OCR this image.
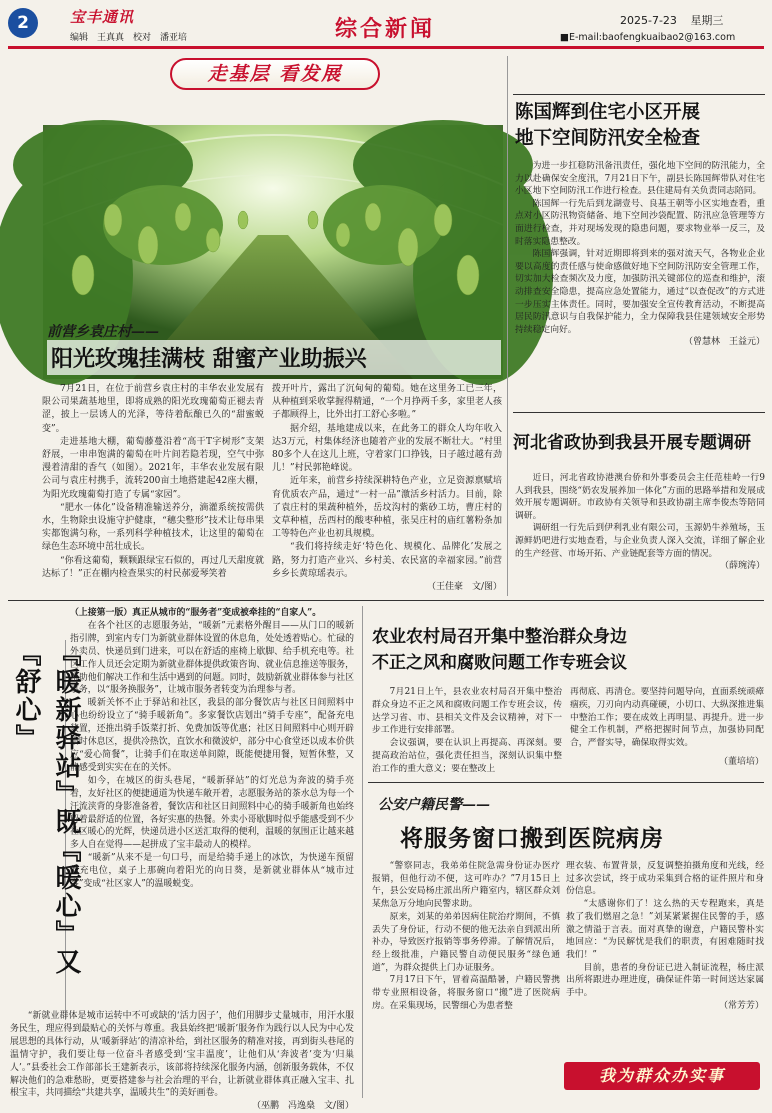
2	宝丰通讯
编辑　王真真　校对　潘亚培	综合新闻	2025-7-23 星期三
■E-mail:baofengkuaibao2@163.com
走基层 看发展
前营乡袁庄村——
阳光玫瑰挂满枝 甜蜜产业助振兴

7月21日，在位于前营乡袁庄村的丰华农业发展有限公司果蔬基地里，即将成熟的阳光玫瑰葡萄正褪去青涩，披上一层诱人的光泽，等待着酝酿已久的“甜蜜蜕变”。

走进基地大棚，葡萄藤蔓沿着“高干T字树形”支架舒展，一串串饱满的葡萄在叶片间若隐若现，空气中弥漫着清甜的香气（如图）。2021年，丰华农业发展有限公司与袁庄村携手，流转200亩土地搭建起42座大棚，为阳光玫瑰葡萄打造了专属“家园”。

“肥水一体化”设备精准输送养分，滴灌系统按需供水，生物除虫设施守护健康，“穗尖整形”技术让每串果实都饱满匀称，一系列科学种植技术，让这里的葡萄在绿色生态环境中茁壮成长。

“你看这葡萄，颗颗跟绿宝石似的，再过几天甜度就达标了！”正在棚内检查果实的村民郝爱琴笑着

拨开叶片，露出了沉甸甸的葡萄。她在这里务工已三年，从种植到采收掌握得精通，“一个月挣两千多，家里老人孩子都顾得上，比外出打工舒心多啦。”

据介绍，基地建成以来，在此务工的群众人均年收入达3万元，村集体经济也随着产业的发展不断壮大。“村里80多个人在这儿上班，守着家门口挣钱，日子越过越有劲儿！”村民郭艳峰说。

近年来，前营乡持续深耕特色产业，立足资源禀赋培育优质农产品，通过“一村一品”激活乡村活力。目前，除了袁庄村的果蔬种植外，岳坟沟村的紫砂工坊，曹庄村的文草种植，岳西村的酸枣种植，张吴庄村的庙红薯粉条加工等特色产业也初具规模。

“我们将持续走好‘特色化、规模化、品牌化’发展之路，努力打造产业兴、乡村美、农民富的幸福家园。”前营乡乡长黄琼瑶表示。

（王佳豪　文/图）
陈国辉到住宅小区开展
地下空间防汛安全检查

为进一步扛稳防汛备汛责任，强化地下空间的防汛能力，全力以赴确保安全度汛，7月21日下午，副县长陈国辉带队对住宅小区地下空间防汛工作进行检查。县住建局有关负责同志陪同。

陈国辉一行先后到龙湖壹号、良基王朝等小区实地查看，重点对小区防汛物资储备、地下空间沙袋配置、防汛应急管理等方面进行检查，并对现场发现的隐患问题，要求物业举一反三，及时落实隐患整改。

陈国辉强调，针对近期即将到来的强对流天气，各物业企业要以高度的责任感与使命感做好地下空间防汛防安全管理工作，切实加大检查频次及力度，加强防汛关键部位的巡查和维护，滚动排查安全隐患，提高应急处置能力，通过“以查促改”的方式进一步压实主体责任。同时，要加强安全宣传教育活动，不断提高居民防汛意识与自我保护能力，全力保障我县住建领域安全形势持续稳定向好。

（曾慧林　王益元）
河北省政协到我县开展专题调研

近日，河北省政协港澳台侨和外事委员会主任范桂岭一行9人到我县，围绕“奶农发展养加一体化”方面的思路举措和发展成效开展专题调研。市政协有关领导和县政协副主席李俊杰等陪同调研。

调研组一行先后到伊利乳业有限公司，玉源奶牛养殖场，玉源鲜奶吧进行实地查看，与企业负责人深入交流，详细了解企业的生产经营、市场开拓、产业链配套等方面的情况。

（薛琬涛）
『暖新驿站』既『暖心』又『舒心』
（上接第一版）真正从城市的“服务者”变成被牵挂的“自家人”。

在各个社区的志愿服务站，“暖新”元素格外醒目——从门口的暖新指引牌，到室内专门为新就业群体设置的休息角，处处透着贴心。忙碌的外卖员、快递员到门进来，可以在舒适的座椅上歇脚、给手机充电等。社区工作人员还会定期为新就业群体提供政策咨询、就业信息推送等服务，帮助他们解决工作和生活中遇到的问题。同时，鼓励新就业群体参与社区事务，以“服务换服务”，让城市服务者转变为治理参与者。

暖新关怀不止于驿站和社区，我县的部分餐饮店与社区日间照料中心也纷纷设立了“骑手暖新角”。多家餐饮店划出“骑手专座”，配备充电装置，还推出骑手饭菜打折、免费加饭等优惠；社区日间照料中心则开辟临时休息区，提供冷热饮，直饮水和微波炉，部分中心食堂还以成本价供应“爱心简餐”，让骑手们在取送单间隙，既能便捷用餐，短暂休整，又能感受到实实在在的关怀。

如今，在城区的街头巷尾，“暖新驿站”的灯光总为奔波的骑手亮着，友好社区的便捷通道为快递车敞开着，志愿服务站的茶水总为每一个汗流浃背的身影准备着，餐饮店和社区日间照料中心的骑手暖新角也始终留着最舒适的位置，各好实惠的热餐。外卖小哥歇脚时似乎能感受到不少社区暖心的光辉，快递员进小区送汇取得的便利，温暖的氛围正让越来越多人自在觉得——起拼成了宝丰最动人的模样。

“暖新”从来不是一句口号，而是给骑手递上的冰饮，为快递车预留的充电位，桌子上那碗向着阳光的向日葵，是新就业群体从“城市过客”变成“社区家人”的温暖蜕变。

“新就业群体是城市运转中不可或缺的‘活力因子’，他们用脚步丈量城市，用汗水服务民生，理应得到最贴心的关怀与尊重。我县始终把‘暖新’服务作为践行以人民为中心发展思想的具体行动，从‘暖新驿站’的清凉补给，到社区服务的精准对接，再到街头巷尾的温情守护，我们要让每一位奋斗者感受到‘宝丰温度’，让他们从‘奔波者’变为‘归巢人’。”县委社会工作部部长王建新表示，该部将持续深化服务内涵，创新服务载体，不仅解决他们的急难愁盼，更要搭建参与社会治理的平台，让新就业群体真正融入宝丰、扎根宝丰，共同描绘“共建共享，温暖共生”的美好画卷。

（巫鹏　冯逸燊　文/图）
农业农村局召开集中整治群众身边
不正之风和腐败问题工作专班会议

7月21日上午，县农业农村局召开集中整治群众身边不正之风和腐败问题工作专班会议，传达学习省、市、县相关文件及会议精神，对下一步工作进行安排部署。

会议强调，要在认识上再提高、再深刻。要提高政治站位，强化责任担当，深刻认识集中整治工作的重大意义；要在整改上

再彻底、再清仓。要坚持问题导向，直面系统顽瘴痼疾，刀刃向内动真碰硬，小切口、大纵深推进集中整治工作；要在成效上再明显、再提升。进一步健全工作机制，严格把握时间节点，加强协同配合，严督实导，确保取得实效。

（董培培）
公安户籍民警——
将服务窗口搬到医院病房

“警察同志，我弟弟住院急需身份证办医疗报销，但他行动不便，这可咋办？”7月15日上午，县公安局杨庄派出所户籍室内，辖区群众刘某焦急万分地向民警求助。

原来，刘某的弟弟因病住院治疗期间，不慎丢失了身份证，行动不便的他无法亲自到派出所补办，导致医疗报销等事务停滞。了解情况后，经上级批准，户籍民警自动便民服务“绿色通道”，为群众提供上门办证服务。

7月17日下午，冒着高温酷暑，户籍民警携带专业照相设备，将服务窗口“搬”进了医院病房。在采集现场，民警细心为患者整

理衣装、布置背景，反复调整拍摄角度和光线，经过多次尝试，终于成功采集到合格的证件照片和身份信息。

“太感谢你们了！这么热的天专程跑来，真是救了我们燃眉之急！”刘某紧紧握住民警的手，感激之情溢于言表。面对真挚的谢意，户籍民警朴实地回应：“为民解忧是我们的职责，有困难随时找我们！”

目前，患者的身份证已进入制证流程，杨庄派出所将跟进办理进度，确保证件第一时间送达家属手中。

（常芳芳）
我为群众办实事
